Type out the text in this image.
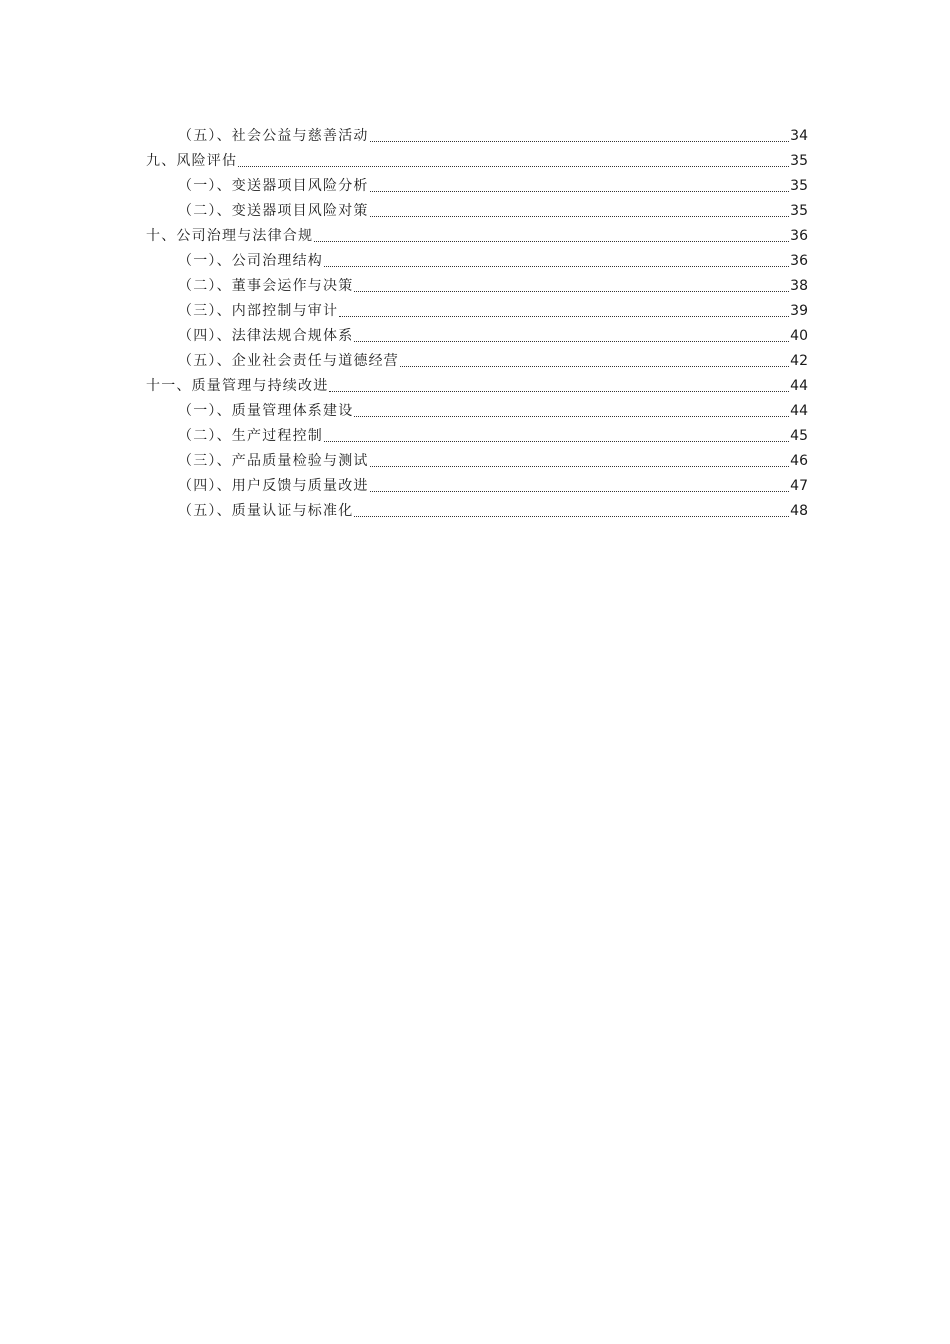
（五）、社会公益与慈善活动	34
九、风险评估	35
（一）、变送器项目风险分析	35
（二）、变送器项目风险对策	35
十、公司治理与法律合规	36
（一）、公司治理结构	36
（二）、董事会运作与决策	38
（三）、内部控制与审计	39
（四）、法律法规合规体系	40
（五）、企业社会责任与道德经营	42
十一、质量管理与持续改进	44
（一）、质量管理体系建设	44
（二）、生产过程控制	45
（三）、产品质量检验与测试	46
（四）、用户反馈与质量改进	47
（五）、质量认证与标准化	48
